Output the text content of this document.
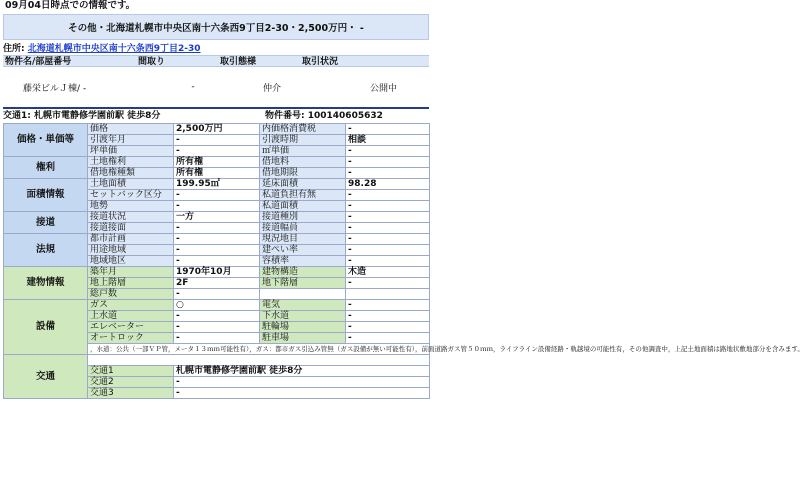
09月04日時点での情報です。
その他・北海道札幌市中央区南十六条西9丁目2-30・2,500万円・ -
住所: 北海道札幌市中央区南十六条西9丁目2-30
物件名/部屋番号	間取り	取引態様	取引状況
藤栄ビルＪ棟/ -	-	仲介	公開中
交通1: 札幌市電静修学園前駅 徒歩8分	物件番号: 100140605632
価格・単価等	価格	2,500万円	内価格消費税	-
	引渡年月	-	引渡時期	相談
	坪単価	-	㎡単価	-
権利	土地権利	所有権	借地料	-
	借地権種類	所有権	借地期限	-
面積情報	土地面積	199.95㎡	延床面積	98.28
	セットバック区分	-	私道負担有無	-
	地勢	-	私道面積	-
接道	接道状況	一方	接道種別	-
	接道接面	-	接道幅員	-
法規	都市計画	-	現況地目	-
	用途地域	-	建ぺい率	-
	地域地区	-	容積率	-
建物情報	築年月	1970年10月	建物構造	木造
	地上階層	2F	地下階層	-
	総戸数	-		
設備	ガス	○	電気	-
	上水道	-	下水道	-
	エレベーター	-	駐輪場	-
	オートロック	-	駐車場	-
	，水道：公共（一部ＶＰ管，メータ１３ｍｍ可能性有），ガス：都市ガス引込み管無（ガス設備が無い可能性有），前面道路ガス管５０ｍｍ，ライフライン設備経路・軌越境の可能性有，その他調査中，上記土地面積は路地状敷地部分を含みます。			
交通				
	交通1	札幌市電静修学園前駅 徒歩8分		
	交通2	-		
	交通3	-		
